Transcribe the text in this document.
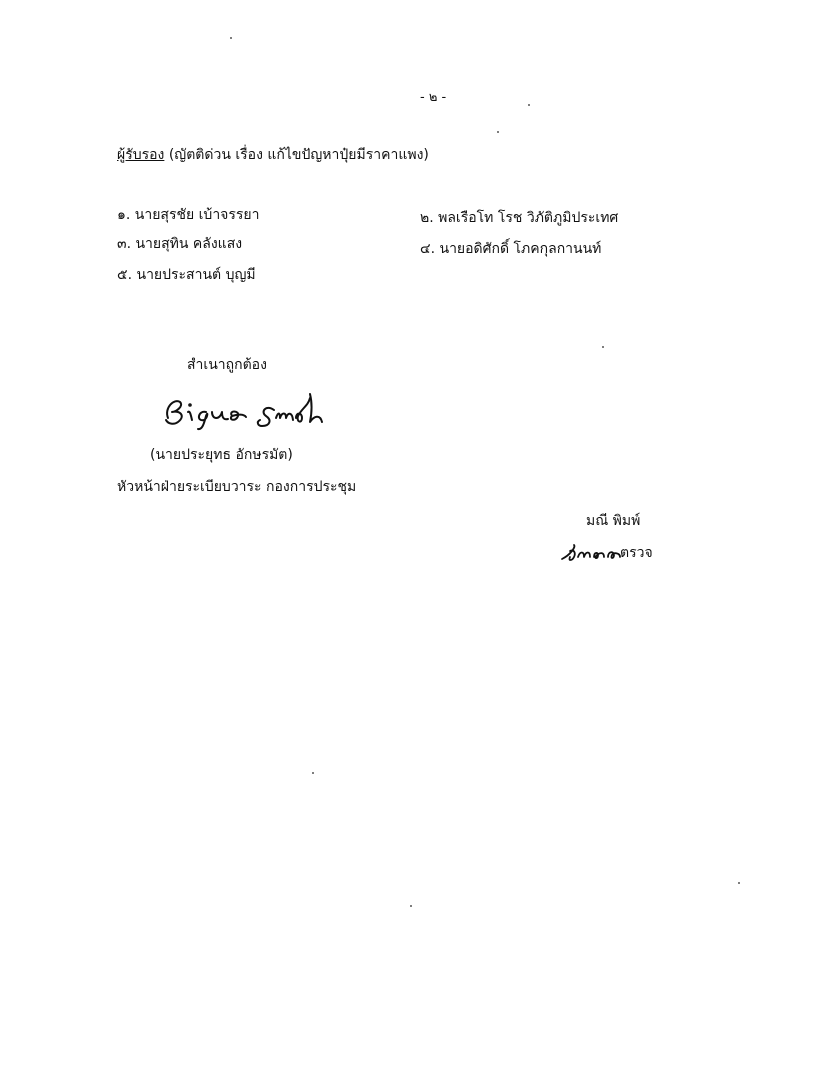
- ๒ -
ผู้รับรอง (ญัตติด่วน เรื่อง แก้ไขปัญหาปุ๋ยมีราคาแพง)
๑. นายสุรชัย เบ้าจรรยา	๒. พลเรือโท โรช วิภัติภูมิประเทศ
๓. นายสุทิน คลังแสง	๔. นายอดิศักดิ์ โภคกุลกานนท์
๕. นายประสานต์ บุญมี
สำเนาถูกต้อง
(นายประยุทธ อักษรมัต)
หัวหน้าฝ่ายระเบียบวาระ กองการประชุม
มณี พิมพ์
ตรวจ
